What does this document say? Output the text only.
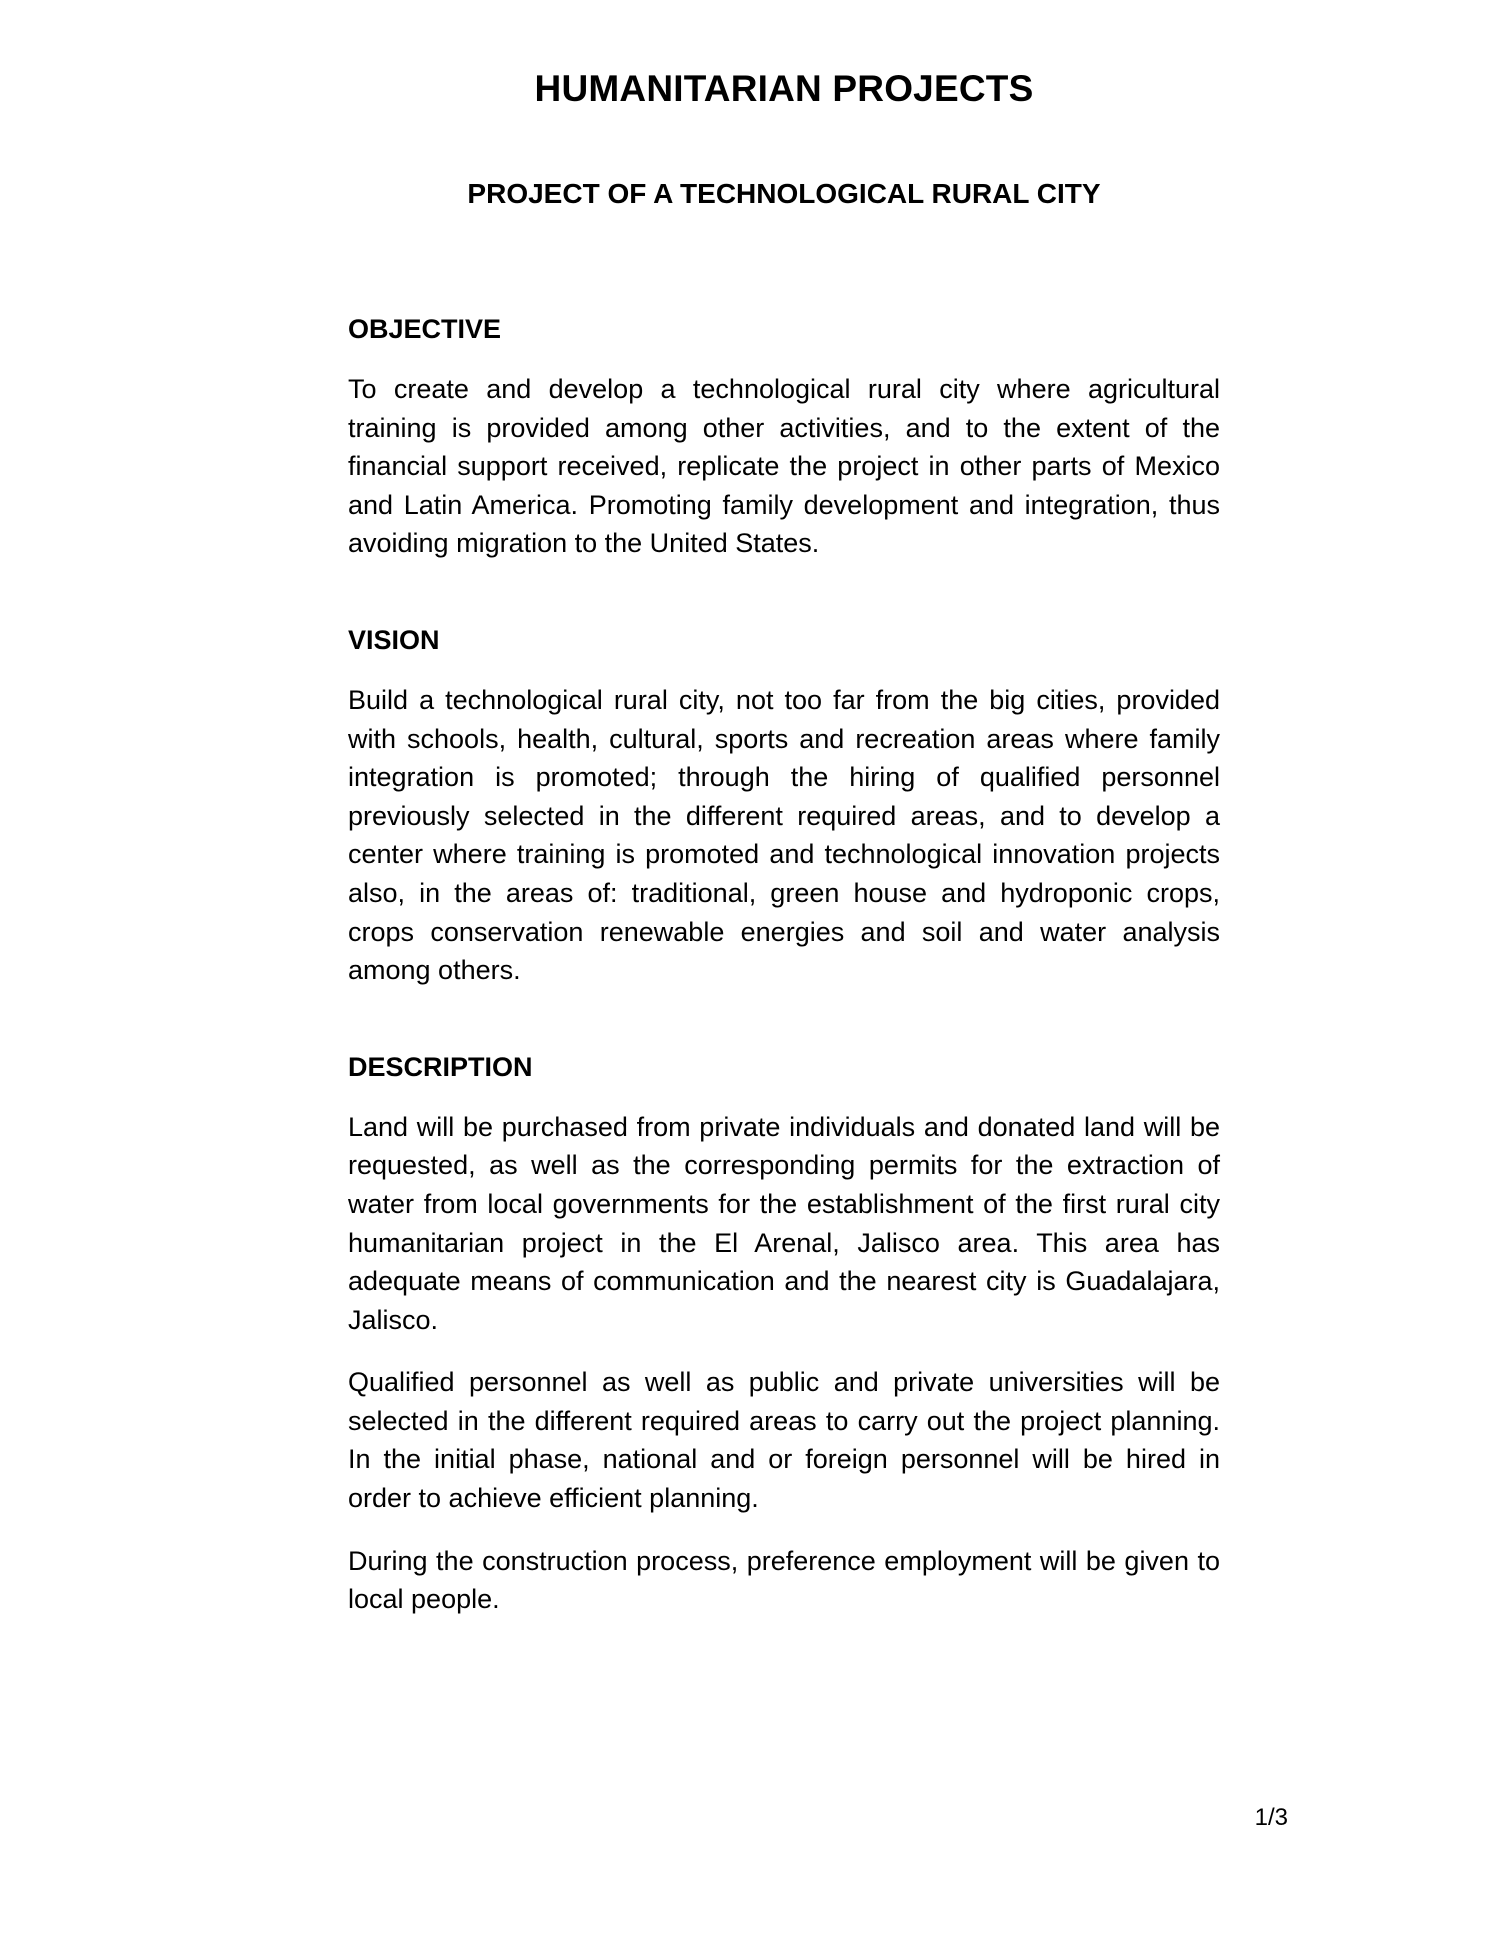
HUMANITARIAN PROJECTS
PROJECT OF A TECHNOLOGICAL RURAL CITY
OBJECTIVE

To create and develop a technological rural city where agricultural training is provided among other activities, and to the extent of the financial support received, replicate the project in other parts of Mexico and Latin America. Promoting family development and integration, thus avoiding migration to the United States.

VISION

Build a technological rural city, not too far from the big cities, provided with schools, health, cultural, sports and recreation areas where family integration is promoted; through the hiring of qualified personnel previously selected in the different required areas, and to develop a center where training is promoted and technological innovation projects also, in the areas of: traditional, green house and hydroponic crops, crops conservation renewable energies and soil and water analysis among others.

DESCRIPTION

Land will be purchased from private individuals and donated land will be requested, as well as the corresponding permits for the extraction of water from local governments for the establishment of the first rural city humanitarian project in the El Arenal, Jalisco area. This area has adequate means of communication and the nearest city is Guadalajara, Jalisco.

Qualified personnel as well as public and private universities will be selected in the different required areas to carry out the project planning. In the initial phase, national and or foreign personnel will be hired in order to achieve efficient planning.

During the construction process, preference employment will be given to local people.

1/3
